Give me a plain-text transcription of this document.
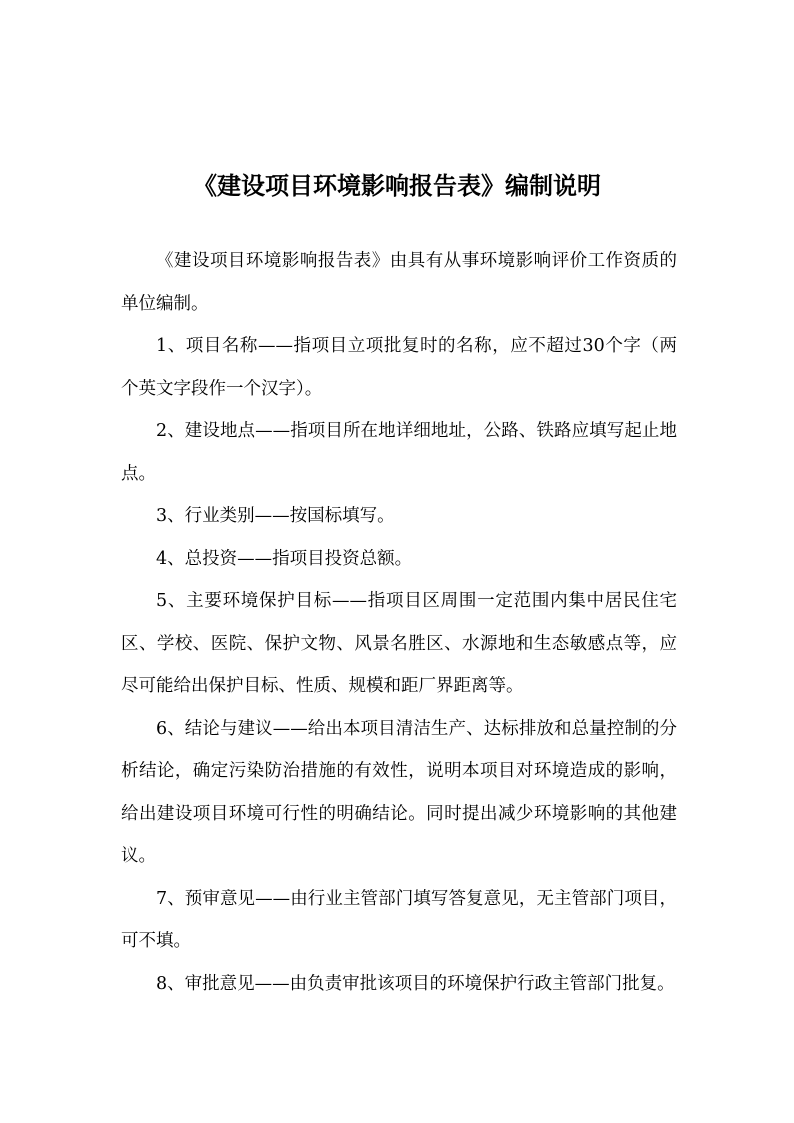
《建设项目环境影响报告表》编制说明

《建设项目环境影响报告表》由具有从事环境影响评价工作资质的单位编制。

1、项目名称——指项目立项批复时的名称，应不超过30个字（两个英文字段作一个汉字）。

2、建设地点——指项目所在地详细地址，公路、铁路应填写起止地点。

3、行业类别——按国标填写。

4、总投资——指项目投资总额。

5、主要环境保护目标——指项目区周围一定范围内集中居民住宅区、学校、医院、保护文物、风景名胜区、水源地和生态敏感点等，应尽可能给出保护目标、性质、规模和距厂界距离等。

6、结论与建议——给出本项目清洁生产、达标排放和总量控制的分析结论，确定污染防治措施的有效性，说明本项目对环境造成的影响，给出建设项目环境可行性的明确结论。同时提出减少环境影响的其他建议。

7、预审意见——由行业主管部门填写答复意见，无主管部门项目，可不填。

8、审批意见——由负责审批该项目的环境保护行政主管部门批复。
